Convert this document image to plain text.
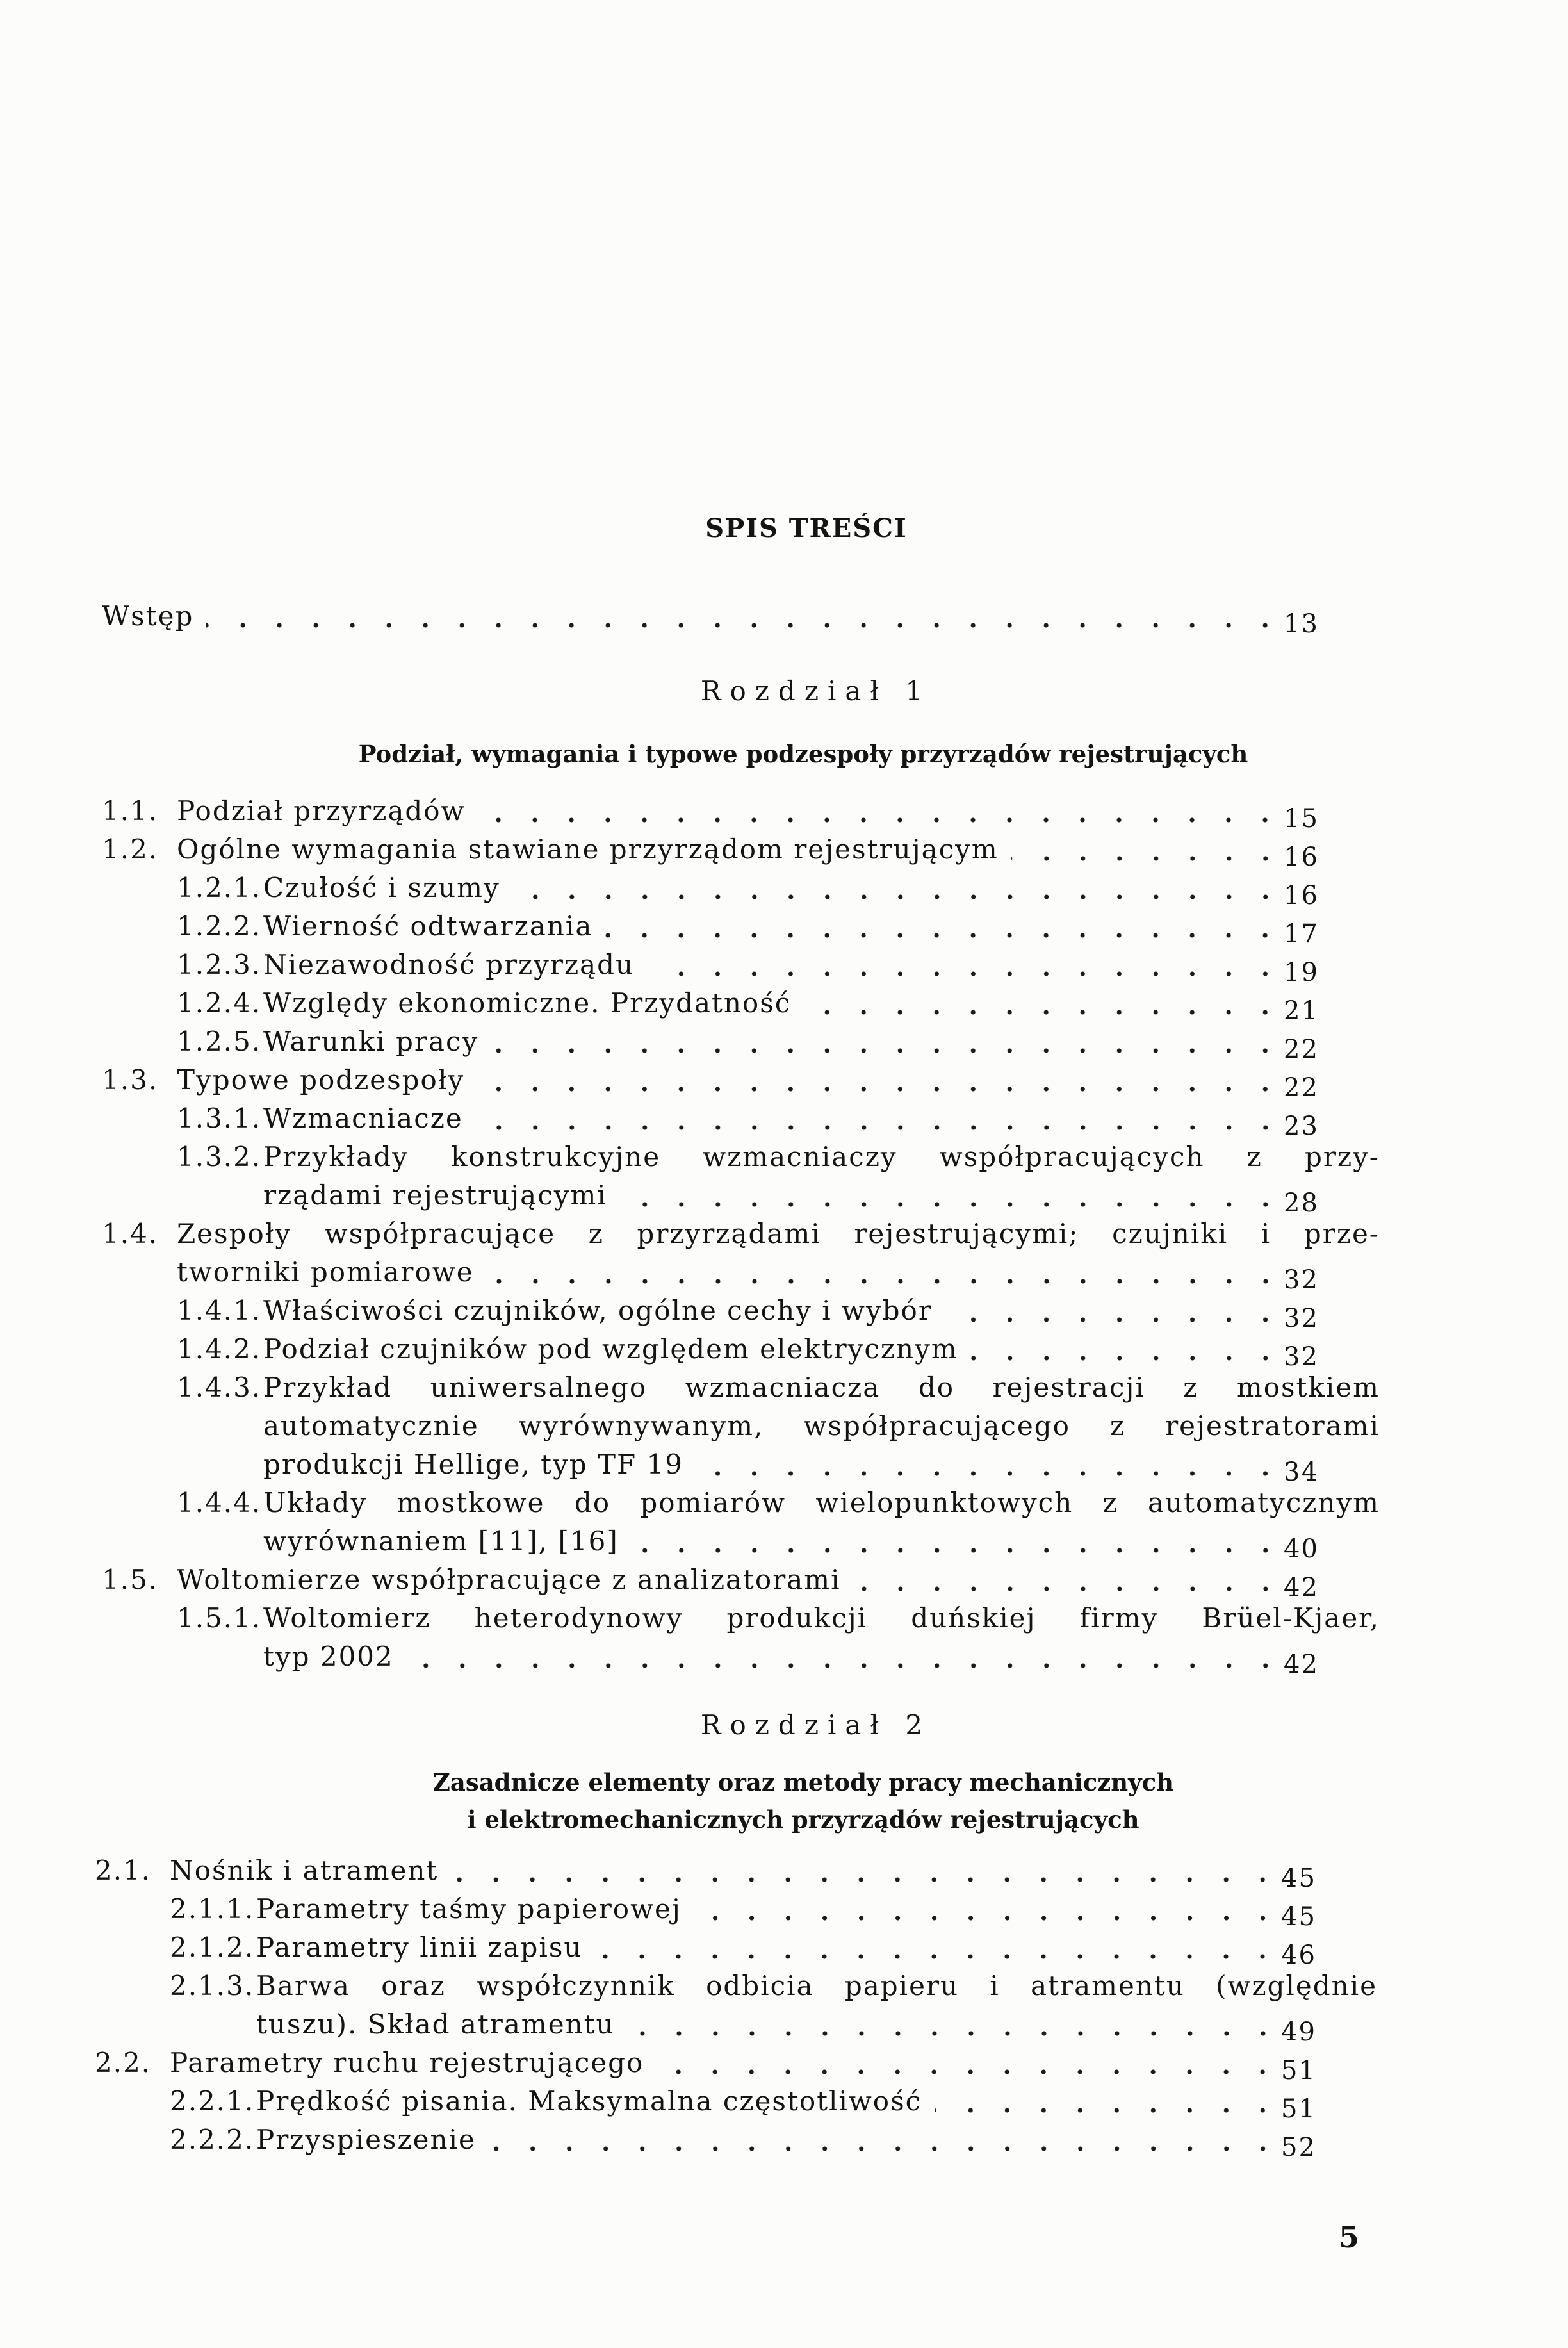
SPIS TREŚCI
Wstęp	13
Rozdział 1
Podział, wymagania i typowe podzespoły przyrządów rejestrujących
1.1. Podział przyrządów	15
1.2. Ogólne wymagania stawiane przyrządom rejestrującym	16
1.2.1. Czułość i szumy	16
1.2.2. Wierność odtwarzania	17
1.2.3. Niezawodność przyrządu	19
1.2.4. Względy ekonomiczne. Przydatność	21
1.2.5. Warunki pracy	22
1.3. Typowe podzespoły	22
1.3.1. Wzmacniacze	23
1.3.2. Przykłady konstrukcyjne wzmacniaczy współpracujących z przy-
rządami rejestrującymi	28
1.4. Zespoły współpracujące z przyrządami rejestrującymi; czujniki i prze-
tworniki pomiarowe	32
1.4.1. Właściwości czujników, ogólne cechy i wybór	32
1.4.2. Podział czujników pod względem elektrycznym	32
1.4.3. Przykład uniwersalnego wzmacniacza do rejestracji z mostkiem
automatycznie wyrównywanym, współpracującego z rejestratorami
produkcji Hellige, typ TF 19	34
1.4.4. Układy mostkowe do pomiarów wielopunktowych z automatycznym
wyrównaniem [11], [16]	40
1.5. Woltomierze współpracujące z analizatorami	42
1.5.1. Woltomierz heterodynowy produkcji duńskiej firmy Brüel-Kjaer,
typ 2002	42
Rozdział 2
Zasadnicze elementy oraz metody pracy mechanicznych
i elektromechanicznych przyrządów rejestrujących
2.1. Nośnik i atrament	45
2.1.1. Parametry taśmy papierowej	45
2.1.2. Parametry linii zapisu	46
2.1.3. Barwa oraz współczynnik odbicia papieru i atramentu (względnie
tuszu). Skład atramentu	49
2.2. Parametry ruchu rejestrującego	51
2.2.1. Prędkość pisania. Maksymalna częstotliwość	51
2.2.2. Przyspieszenie	52
5
